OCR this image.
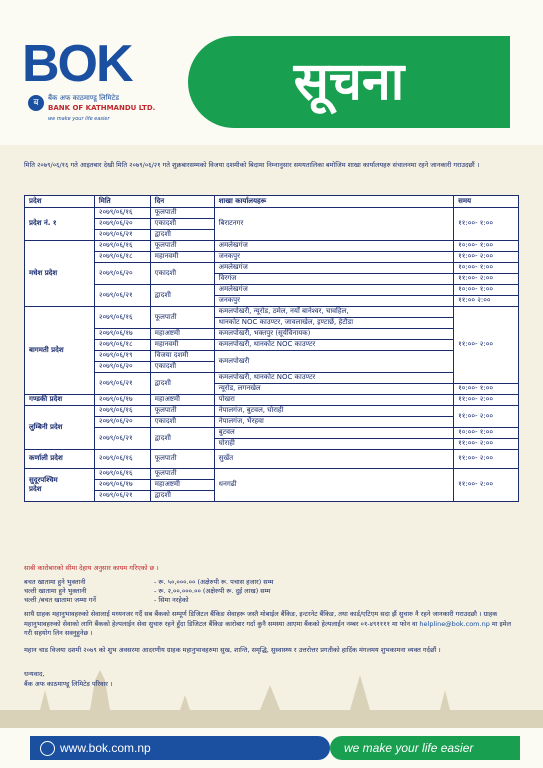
BOK
ब	बैंक अफ काठमाण्डू लिमिटेड
BANK OF KATHMANDU LTD.
we make your life easier
सूचना
मिति २०७९/०६/१६ गते आइतबार देखी मिति २०७९/०६/२१ गते शुक्रबारसम्मको विजया दशमीको बिदामा निम्नानुसार समयतालिका बमोजिम शाखा कार्यालयहरु संचालनमा रहने जानकारी गराउदछौं ।
प्रदेश	मिति	दिन	शाखा कार्यालयहरू	समय
प्रदेश नं. १	२०७९/०६/१६	फूलपाती	बिराटनगर	११:००- १:००
	२०७९/०६/२०	एकादशी		
	२०७९/०६/२१	द्वादशी		
मधेश प्रदेश	२०७९/०६/१६	फूलपाती	अमलेखगंज	१०:००- १:००
	२०७९/०६/१८	महानवमी	जनकपुर	११:००- २:००
	२०७९/०६/२०	एकादशी	अमलेखगंज	१०:००- १:००
			विरगंज	११:००- २:००
	२०७९/०६/२१	द्वादशी	अमलेखगंज	१०:००- १:००
			जनकपुर	११:०० २:००
बागमती प्रदेश	२०७९/०६/१६	फूलपाती	कमलपोखरी, न्यूरोड, ठमेल, नयाँ बानेश्वर, चावहिल,	११:००- २:००
			थानकोट NOC काउण्टर, जावलाखेल, इण्टाछें, हेटौडा	
	२०७९/०६/१७	महाअष्टमी	कमलपोखरी, भक्तपुर (सूर्यविनायक)	
	२०७९/०६/१८	महानवमी	कमलपोखरी, थानकोट NOC काउण्टर	
	२०७९/०६/१९	विजया दशमी	कमलपोखरी	
	२०७९/०६/२०	एकादशी		
	२०७९/०६/२१	द्वादशी	कमलपोखरी, थानकोट NOC काउण्टर	

			न्यूरोड, लगनखेल	१०:००- १:००
गण्डकी प्रदेश	२०७९/०६/१७	महाअष्टमी	पोखरा	११:००- २:००
लुम्बिनी प्रदेश	२०७९/०६/१६	फूलपाती	नेपालगंज, बुटवल, घोराही	११:००- २:००
	२०७९/०६/२०	एकादशी	नेपालगंज, भैरहवा	
	२०७९/०६/२१	द्वादशी	बुटवल	१०:००- १:००
			घोराही	११:००- २:००

कर्णाली प्रदेश	२०७९/०६/१६	फूलपाती	सुर्खेत	११:००- २:००
सुदूरपश्चिम
प्रदेश	२०७९/०६/१६	फूलपाती	धनगढी	११:००- २:००
	२०७९/०६/१७	महाअष्टमी		
	२०७९/०६/२१	द्वादशी		
साबी कारोबारको सीमा देहाय अनुसार कायम गरिएको छ ।
बचत खातामा हुने भुक्तानी	- रू. ५०,०००.०० (अक्षेरुपी रू. पचास हजार) सम्म
चल्ती खातामा हुने भुक्तानी	- रू. २,००,०००.०० (अक्षेरुपी रू. दुई लाख) सम्म
चल्ती /बचत खातामा जम्मा गर्ने	- सिमा नरहेको
साथै ग्राहक महानुभावहरुको सेवालाई मध्यनजर गर्दै सब बैंकको सम्पूर्ण डिजिटल बैंकिङ सेवाहरू जस्तै मोबाईल बैंकिङ, इन्टरनेट बैंकिङ, तथा कार्ड/एटिएम सदा झैं सुचारु नै रहने जानकारी गराउदछौ । ग्राहक महानुभावहरुको सेवाको लागि बैंकको हेल्पलाईन सेवा सुचारु रहने हुँदा डिजिटल बैंकिङ कारोबार गर्दा कुनै समस्या आएमा बैंकको हेल्पलाईन नम्बर ०१-४९११११ मा फोन वा helpline@bok.com.np मा इमेल गरी सहयोग लिन सक्नुहुनेछ ।
महान चाड विजया दशमी २०७९ को शुभ अवसरमा आदरणीय ग्राहक महानुभावहरुमा सुख, शान्ति, समृद्धि, सुस्वास्थ्य र उत्तरोत्तर प्रगतीको हार्दिक मंगलमय शुभकामना व्यक्त गर्दछौं ।
धन्यवाद,
बैंक अफ काठमाण्डू लिमिटेड परिवार ।
www.bok.com.np	we make your life easier
